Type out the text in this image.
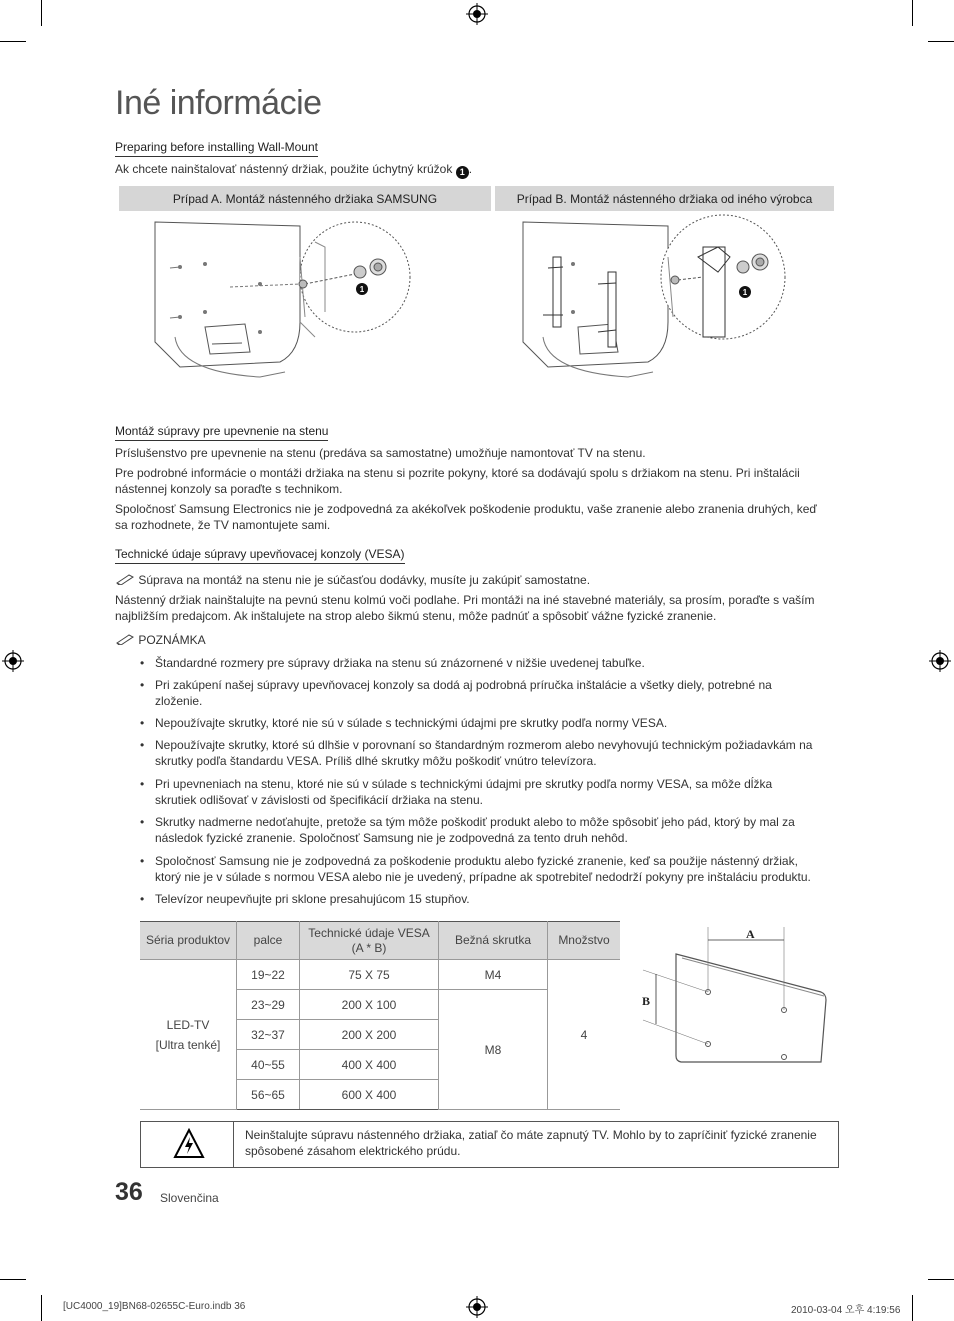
Iné informácie
Preparing before installing Wall-Mount
Ak chcete nainštalovať nástenný držiak, použite úchytný krúžok 1 .
Prípad A. Montáž nástenného držiaka SAMSUNG	Prípad B. Montáž nástenného držiaka od iného výrobca
1	1
Montáž súpravy pre upevnenie na stenu
Príslušenstvo pre upevnenie na stenu (predáva sa samostatne) umožňuje namontovať TV na stenu.
Pre podrobné informácie o montáži držiaka na stenu si pozrite pokyny, ktoré sa dodávajú spolu s držiakom na stenu. Pri inštalácii
nástennej konzoly sa poraďte s technikom.
Spoločnosť Samsung Electronics nie je zodpovedná za akékoľvek poškodenie produktu, vaše zranenie alebo zranenia druhých, keď
sa rozhodnete, že TV namontujete sami.
Technické údaje súpravy upevňovacej konzoly (VESA)
Súprava na montáž na stenu nie je súčasťou dodávky, musíte ju zakúpiť samostatne.
Nástenný držiak nainštalujte na pevnú stenu kolmú voči podlahe. Pri montáži na iné stavebné materiály, sa prosím, poraďte s vaším
najbližším predajcom. Ak inštalujete na strop alebo šikmú stenu, môže padnúť a spôsobiť vážne fyzické zranenie.
POZNÁMKA
• Štandardné rozmery pre súpravy držiaka na stenu sú znázornené v nižšie uvedenej tabuľke.
• Pri zakúpení našej súpravy upevňovacej konzoly sa dodá aj podrobná príručka inštalácie a všetky diely, potrebné na
zloženie.
• Nepoužívajte skrutky, ktoré nie sú v súlade s technickými údajmi pre skrutky podľa normy VESA.
• Nepoužívajte skrutky, ktoré sú dlhšie v porovnaní so štandardným rozmerom alebo nevyhovujú technickým požiadavkám na
skrutky podľa štandardu VESA. Príliš dlhé skrutky môžu poškodiť vnútro televízora.
• Pri upevneniach na stenu, ktoré nie sú v súlade s technickými údajmi pre skrutky podľa normy VESA, sa môže dĺžka
skrutiek odlišovať v závislosti od špecifikácií držiaka na stenu.
• Skrutky nadmerne nedoťahujte, pretože sa tým môže poškodiť produkt alebo to môže spôsobiť jeho pád, ktorý by mal za
následok fyzické zranenie. Spoločnosť Samsung nie je zodpovedná za tento druh nehôd.
• Spoločnosť Samsung nie je zodpovedná za poškodenie produktu alebo fyzické zranenie, keď sa použije nástenný držiak,
ktorý nie je v súlade s normou VESA alebo nie je uvedený, prípadne ak spotrebiteľ nedodrží pokyny pre inštaláciu produktu.
• Televízor neupevňujte pri sklone presahujúcom 15 stupňov.
Séria produktov	palce	Technické údaje VESA
(A * B)	Bežná skrutka	Množstvo

LED-TV
[Ultra tenké]	19~22	75 X 75	M4	4
	23~29	200 X 100	M8	
	32~37	200 X 200		
	40~55	400 X 400		
	56~65	600 X 400		
A
B
Neinštalujte súpravu nástenného držiaka, zatiaľ čo máte zapnutý TV. Mohlo by to zapríčiniť fyzické zranenie
spôsobené zásahom elektrického prúdu.
36 Slovenčina
[UC4000_19]BN68-02655C-Euro.indb 36	2010-03-04 오후 4:19:56
